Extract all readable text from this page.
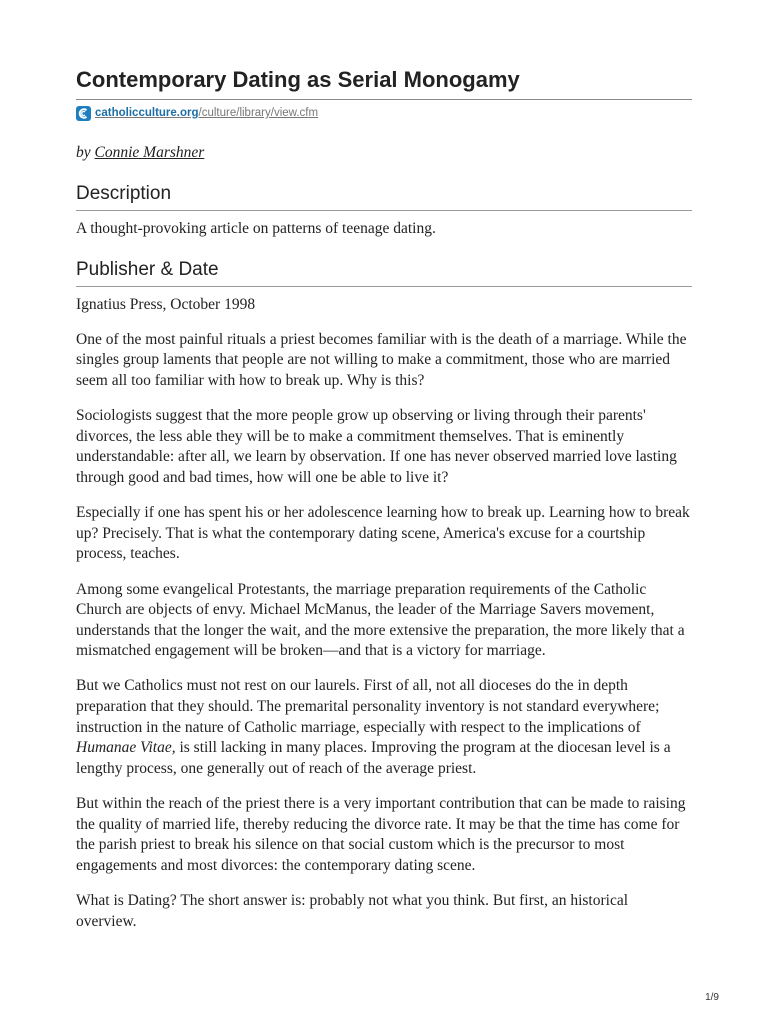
Contemporary Dating as Serial Monogamy
catholicculture.org/culture/library/view.cfm

by Connie Marshner

Description

A thought-provoking article on patterns of teenage dating.

Publisher & Date

Ignatius Press, October 1998

One of the most painful rituals a priest becomes familiar with is the death of a marriage. While the singles group laments that people are not willing to make a commitment, those who are married seem all too familiar with how to break up. Why is this?

Sociologists suggest that the more people grow up observing or living through their parents' divorces, the less able they will be to make a commitment themselves. That is eminently understandable: after all, we learn by observation. If one has never observed married love lasting through good and bad times, how will one be able to live it?

Especially if one has spent his or her adolescence learning how to break up. Learning how to break up? Precisely. That is what the contemporary dating scene, America's excuse for a courtship process, teaches.

Among some evangelical Protestants, the marriage preparation requirements of the Catholic Church are objects of envy. Michael McManus, the leader of the Marriage Savers movement, understands that the longer the wait, and the more extensive the preparation, the more likely that a mismatched engagement will be broken—and that is a victory for marriage.

But we Catholics must not rest on our laurels. First of all, not all dioceses do the in depth preparation that they should. The premarital personality inventory is not standard everywhere; instruction in the nature of Catholic marriage, especially with respect to the implications of Humanae Vitae, is still lacking in many places. Improving the program at the diocesan level is a lengthy process, one generally out of reach of the average priest.

But within the reach of the priest there is a very important contribution that can be made to raising the quality of married life, thereby reducing the divorce rate. It may be that the time has come for the parish priest to break his silence on that social custom which is the precursor to most engagements and most divorces: the contemporary dating scene.

What is Dating? The short answer is: probably not what you think. But first, an historical overview.

1/9
